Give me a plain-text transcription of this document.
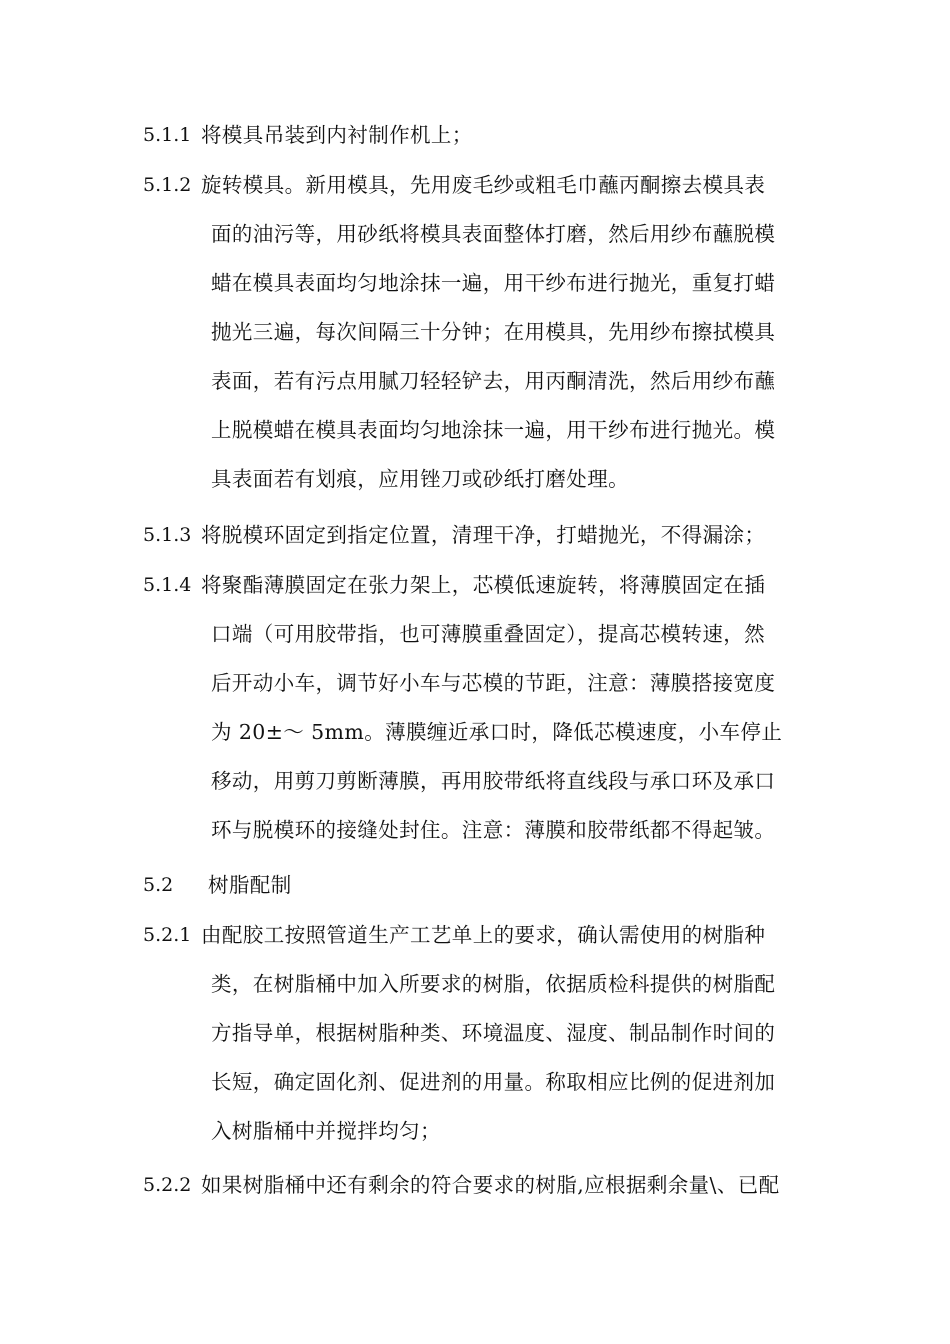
5.1.1 将模具吊装到内衬制作机上；
5.1.2 旋转模具。新用模具，先用废毛纱或粗毛巾蘸丙酮擦去模具表
面的油污等，用砂纸将模具表面整体打磨，然后用纱布蘸脱模
蜡在模具表面均匀地涂抹一遍，用干纱布进行抛光，重复打蜡
抛光三遍，每次间隔三十分钟；在用模具，先用纱布擦拭模具
表面，若有污点用腻刀轻轻铲去，用丙酮清洗，然后用纱布蘸
上脱模蜡在模具表面均匀地涂抹一遍，用干纱布进行抛光。模
具表面若有划痕，应用锉刀或砂纸打磨处理。
5.1.3 将脱模环固定到指定位置，清理干净，打蜡抛光，不得漏涂；
5.1.4 将聚酯薄膜固定在张力架上，芯模低速旋转，将薄膜固定在插
口端（可用胶带指，也可薄膜重叠固定），提高芯模转速，然
后开动小车，调节好小车与芯模的节距，注意：薄膜搭接宽度
为 20±～ 5mm。薄膜缠近承口时，降低芯模速度，小车停止
移动，用剪刀剪断薄膜，再用胶带纸将直线段与承口环及承口
环与脱模环的接缝处封住。注意：薄膜和胶带纸都不得起皱。
5.2 树脂配制
5.2.1 由配胶工按照管道生产工艺单上的要求，确认需使用的树脂种
类，在树脂桶中加入所要求的树脂，依据质检科提供的树脂配
方指导单，根据树脂种类、环境温度、湿度、制品制作时间的
长短，确定固化剂、促进剂的用量。称取相应比例的促进剂加
入树脂桶中并搅拌均匀；
5.2.2 如果树脂桶中还有剩余的符合要求的树脂,应根据剩余量\、已配
